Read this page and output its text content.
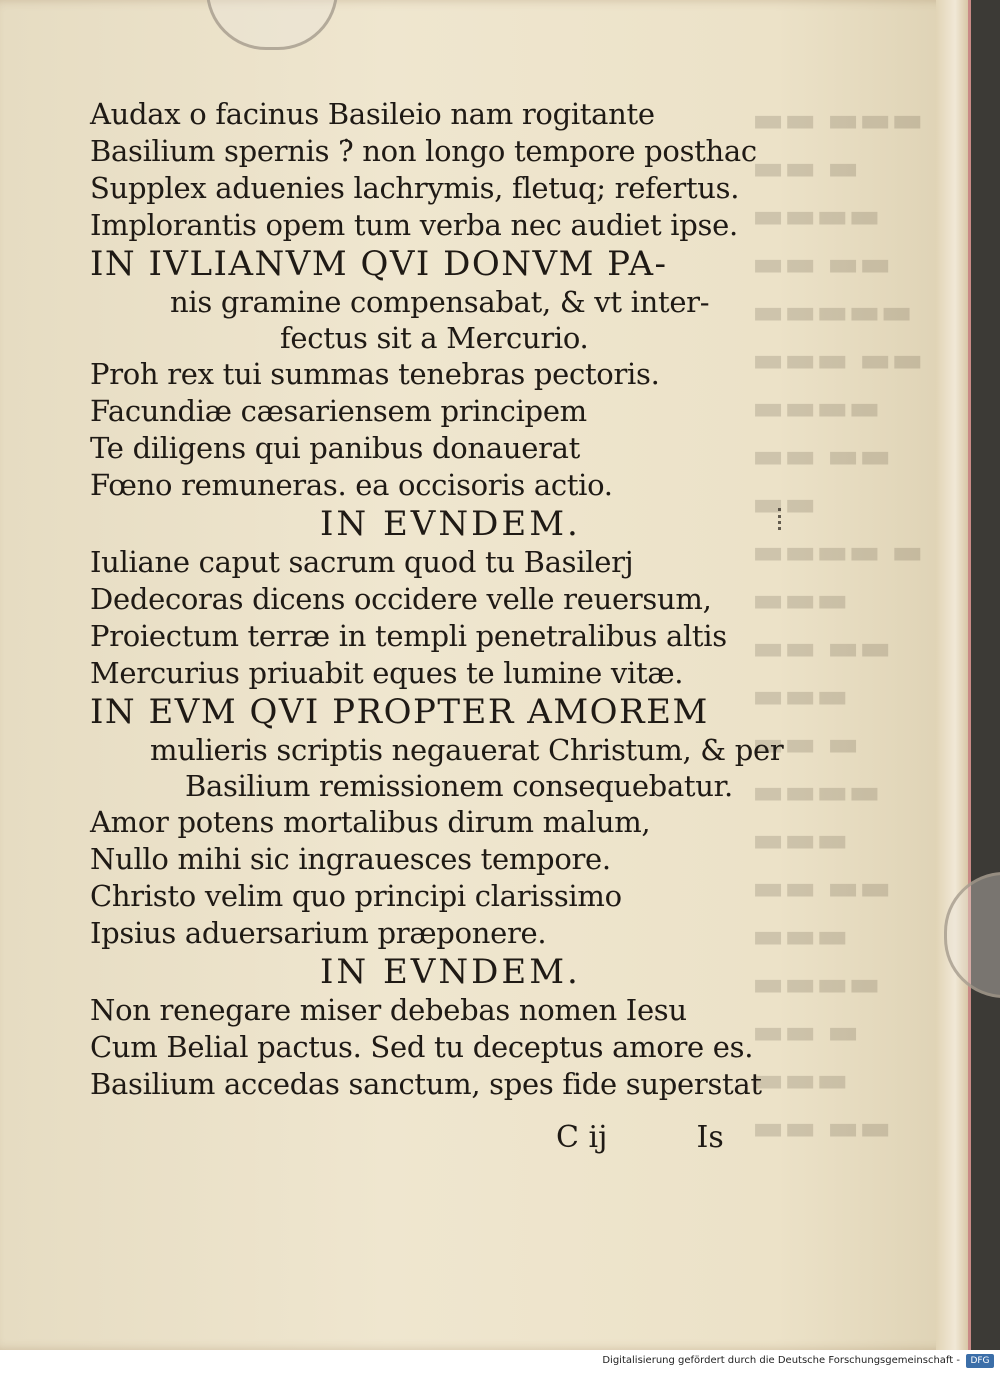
▬▬ ▬▬▬
▬▬ ▬
▬▬▬▬
▬▬ ▬▬
▬▬▬▬▬
▬▬▬ ▬▬
▬▬▬▬
▬▬ ▬▬
▬▬
▬▬▬▬ ▬
▬▬▬
▬▬ ▬▬
▬▬▬
▬▬ ▬
▬▬▬▬
▬▬▬
▬▬ ▬▬
▬▬▬
▬▬▬▬
▬▬ ▬
▬▬▬
▬▬ ▬▬
Audax o facinus Basileio nam rogitante
Basilium spernis ?̇ non longo tempore posthac
Supplex aduenies lachrymis, fletuq; refertus.
Implorantis opem tum verba nec audiet ipse.
IN IVLIANVM QVI DONVM PA-
nis gramine compensabat, & vt inter-
fectus sit a Mercurio.
Proh rex tui summas tenebras pectoris.
Facundiæ cæsariensem principem
Te diligens qui panibus donauerat
Fœno remuneras. ea occisoris actio.
IN EVNDEM.
Iuliane caput sacrum quod tu Basilerj
Dedecoras dicens occidere velle reuersum,
Proiectum terræ in templi penetralibus altis
Mercurius priuabit eques te lumine vitæ.
IN EVM QVI PROPTER AMOREM
mulieris scriptis negauerat Christum, & per
Basilium remissionem consequebatur.
Amor potens mortalibus dirum malum,
Nullo mihi sic ingrauesces tempore.
Christo velim quo principi clarissimo
Ipsius aduersarium præponere.
IN EVNDEM.
Non renegare miser debebas nomen Iesu
Cum Belial pactus. Sed tu deceptus amore es.
Basilium accedas sanctum, spes fide superstat
C ij	Is
Digitalisierung gefördert durch die Deutsche Forschungsgemeinschaft -	DFG
